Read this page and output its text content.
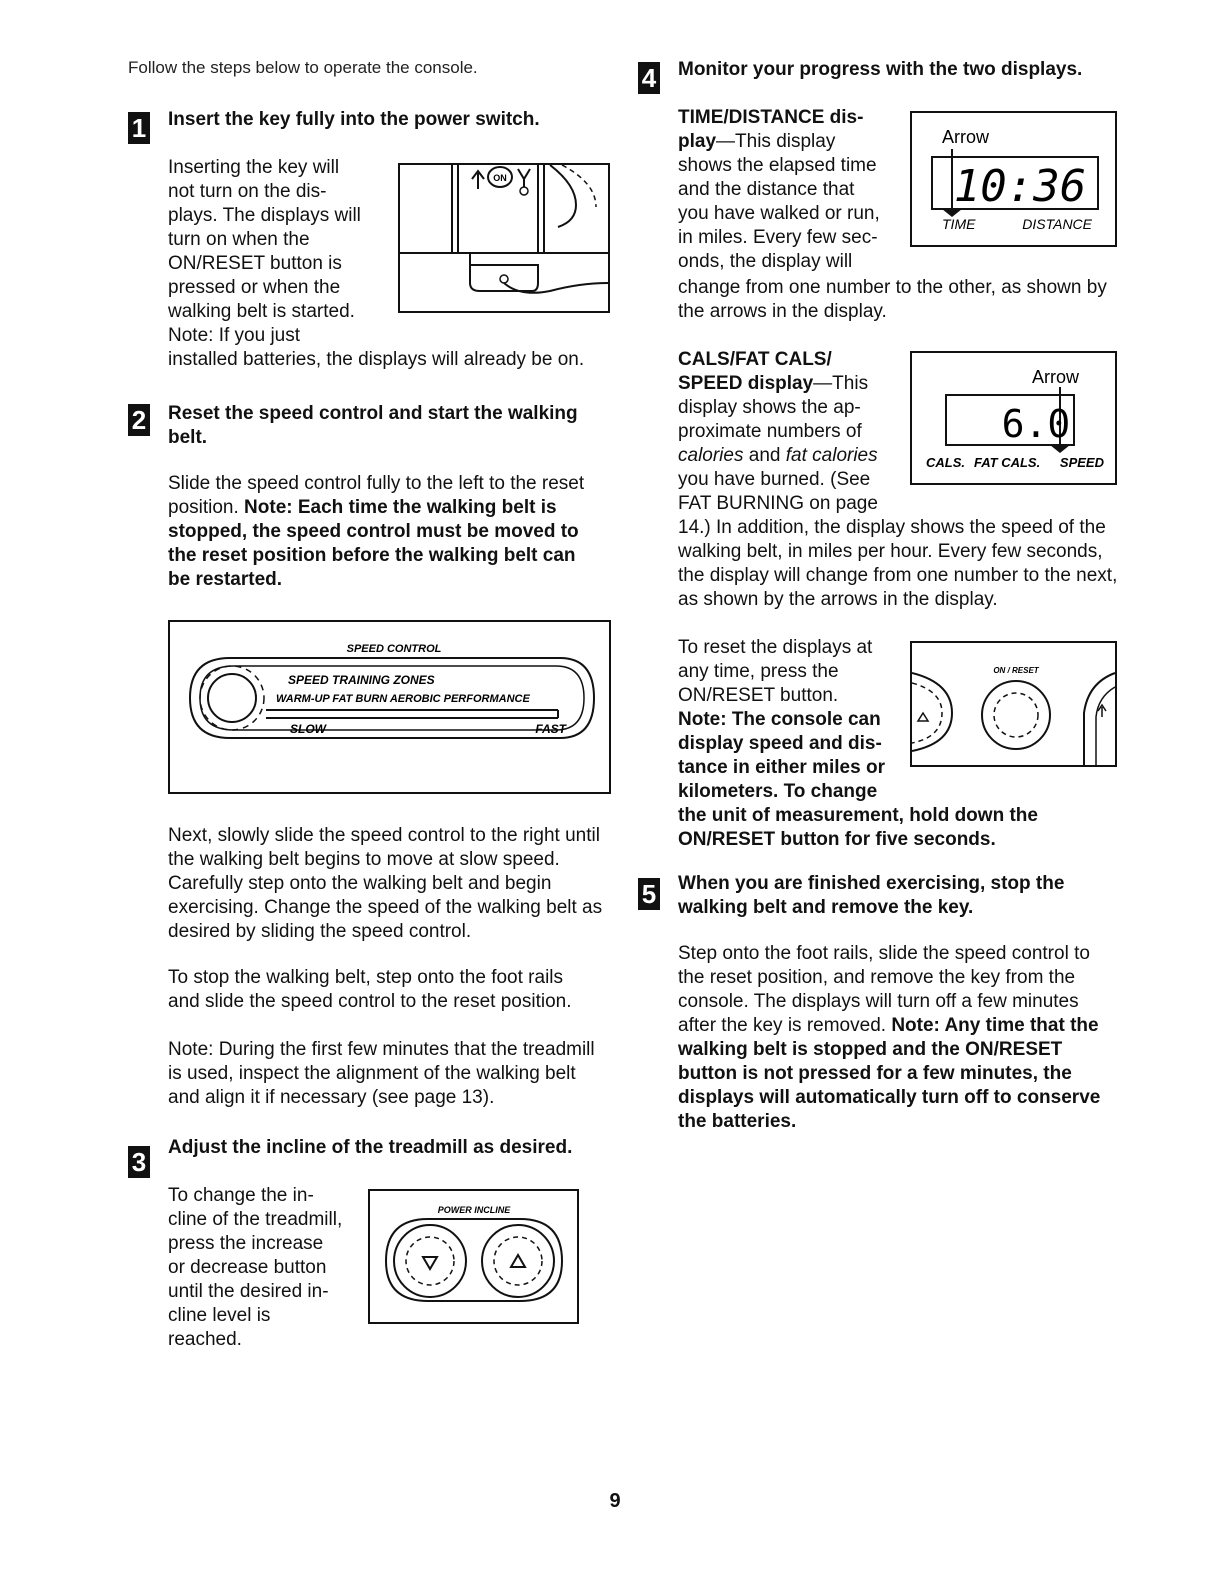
Follow the steps below to operate the console.
1 Insert the key fully into the power switch.

Inserting the key will

not turn on the dis-

plays. The displays will

turn on when the

ON/RESET button is

pressed or when the

walking belt is started.

Note: If you just

installed batteries, the displays will already be on.
ON
2 Reset the speed control and start the walking

belt.

Slide the speed control fully to the left to the reset position. Note: Each time the walking belt is stopped, the speed control must be moved to the reset position before the walking belt can be restarted.
SPEED CONTROL
SPEED TRAINING ZONES
WARM-UP FAT BURN AEROBIC PERFORMANCE
SLOW	FAST
Next, slowly slide the speed control to the right until the walking belt begins to move at slow speed. Carefully step onto the walking belt and begin exercising. Change the speed of the walking belt as desired by sliding the speed control.
To stop the walking belt, step onto the foot rails and slide the speed control to the reset position.
Note: During the first few minutes that the treadmill is used, inspect the alignment of the walking belt and align it if necessary (see page 13).
3 Adjust the incline of the treadmill as desired.

To change the in-

cline of the treadmill,

press the increase

or decrease button

until the desired in-

cline level is

reached.

POWER INCLINE
4 Monitor your progress with the two displays.

TIME/DISTANCE dis-

play—This display

shows the elapsed time

and the distance that

you have walked or run,

in miles. Every few sec-

onds, the display will

change from one number to the other, as shown by the arrows in the display.
Arrow
10:36
TIME	DISTANCE

CALS/FAT CALS/

SPEED display—This

display shows the ap-

proximate numbers of

calories and fat calories

you have burned. (See

FAT BURNING on page

14.) In addition, the display shows the speed of the walking belt, in miles per hour. Every few seconds, the display will change from one number to the next, as shown by the arrows in the display.
Arrow
6.0
CALS. FAT CALS. SPEED

To reset the displays at

any time, press the

ON/RESET button.

Note: The console can

display speed and dis-

tance in either miles or

kilometers. To change

the unit of measurement, hold down the ON/RESET button for five seconds.
ON / RESET
5 When you are finished exercising, stop the

walking belt and remove the key.

Step onto the foot rails, slide the speed control to the reset position, and remove the key from the console. The displays will turn off a few minutes after the key is removed. Note: Any time that the walking belt is stopped and the ON/RESET button is not pressed for a few minutes, the displays will automatically turn off to conserve the batteries.
9
